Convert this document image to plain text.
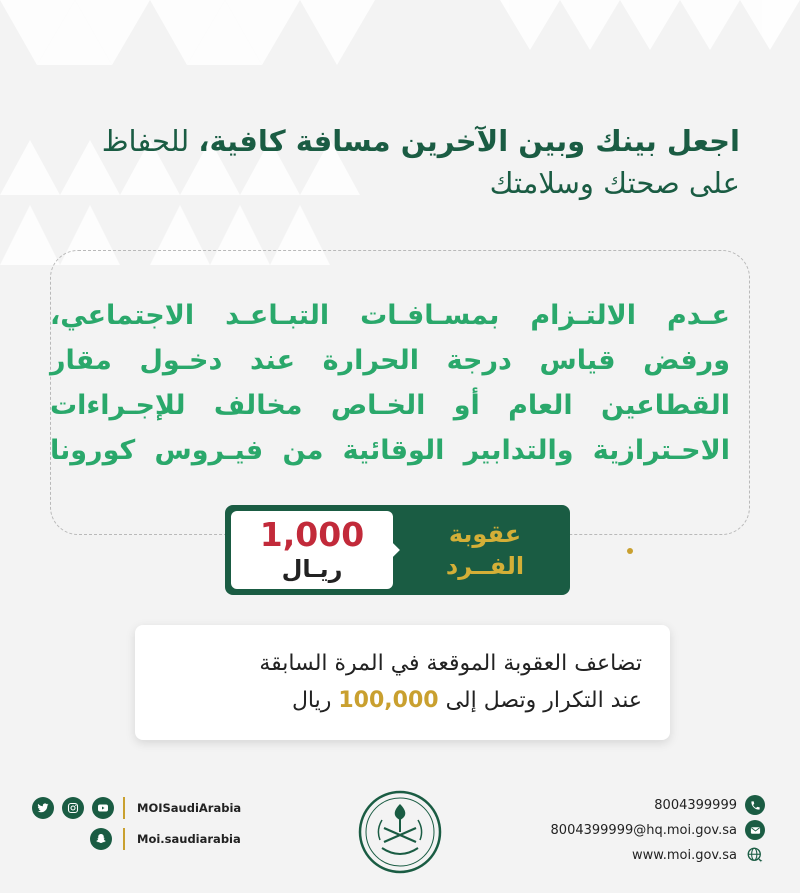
اجعل بينك وبين الآخرين مسافة كافية، للحفاظ
على صحتك وسلامتك
عـدم الالتـزام بمسـافـات التبـاعـد الاجتماعي،
ورفض قياس درجة الحرارة عند دخـول مقار
القطاعين العام أو الخـاص مخالف للإجـراءات
الاحـترازية والتدابير الوقائية من فيـروس كورونا
عقوبة
الفــرد
1,000
ريـال
تضاعف العقوبة الموقعة في المرة السابقة
عند التكرار وتصل إلى 100,000 ريال
MOISaudiArabia
Moi.saudiarabia
8004399999
8004399999@hq.moi.gov.sa
www.moi.gov.sa
